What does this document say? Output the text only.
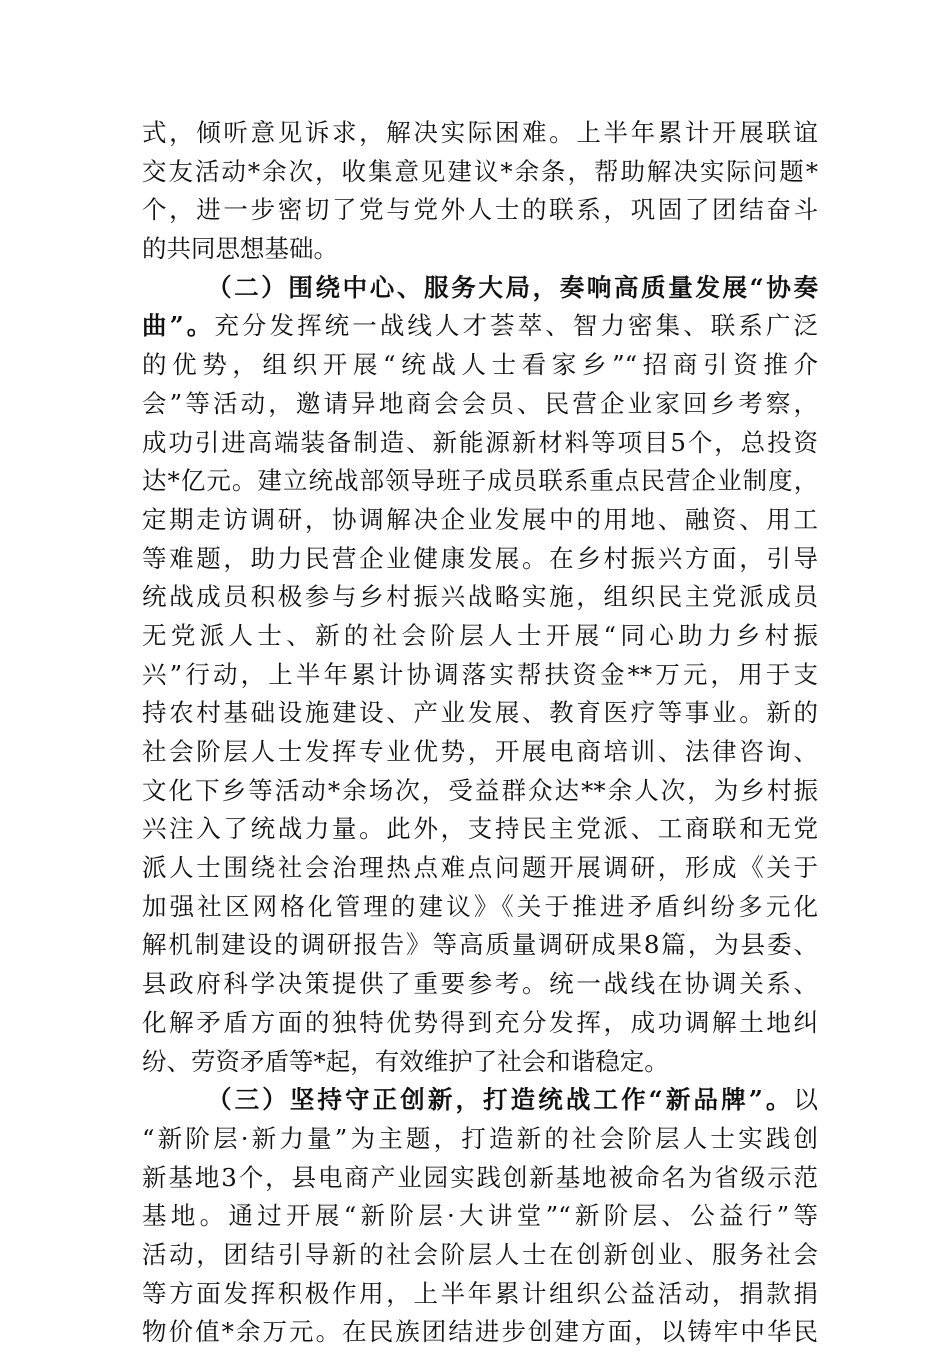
式，倾听意见诉求，解决实际困难。上半年累计开展联谊
交友活动*余次，收集意见建议*余条，帮助解决实际问题*
个，进一步密切了党与党外人士的联系，巩固了团结奋斗
的共同思想基础。
（二）围绕中心、服务大局，奏响高质量发展“协奏
曲”。充分发挥统一战线人才荟萃、智力密集、联系广泛
的优势，组织开展“统战人士看家乡”“招商引资推介
会”等活动，邀请异地商会会员、民营企业家回乡考察，
成功引进高端装备制造、新能源新材料等项目5个，总投资
达*亿元。建立统战部领导班子成员联系重点民营企业制度，
定期走访调研，协调解决企业发展中的用地、融资、用工
等难题，助力民营企业健康发展。在乡村振兴方面，引导
统战成员积极参与乡村振兴战略实施，组织民主党派成员
无党派人士、新的社会阶层人士开展“同心助力乡村振
兴”行动，上半年累计协调落实帮扶资金**万元，用于支
持农村基础设施建设、产业发展、教育医疗等事业。新的
社会阶层人士发挥专业优势，开展电商培训、法律咨询、
文化下乡等活动*余场次，受益群众达**余人次，为乡村振
兴注入了统战力量。此外，支持民主党派、工商联和无党
派人士围绕社会治理热点难点问题开展调研，形成《关于
加强社区网格化管理的建议》《关于推进矛盾纠纷多元化
解机制建设的调研报告》等高质量调研成果8篇，为县委、
县政府科学决策提供了重要参考。统一战线在协调关系、
化解矛盾方面的独特优势得到充分发挥，成功调解土地纠
纷、劳资矛盾等*起，有效维护了社会和谐稳定。
（三）坚持守正创新，打造统战工作“新品牌”。以
“新阶层·新力量”为主题，打造新的社会阶层人士实践创
新基地3个，县电商产业园实践创新基地被命名为省级示范
基地。通过开展“新阶层·大讲堂”“新阶层、公益行”等
活动，团结引导新的社会阶层人士在创新创业、服务社会
等方面发挥积极作用，上半年累计组织公益活动，捐款捐
物价值*余万元。在民族团结进步创建方面，以铸牢中华民
